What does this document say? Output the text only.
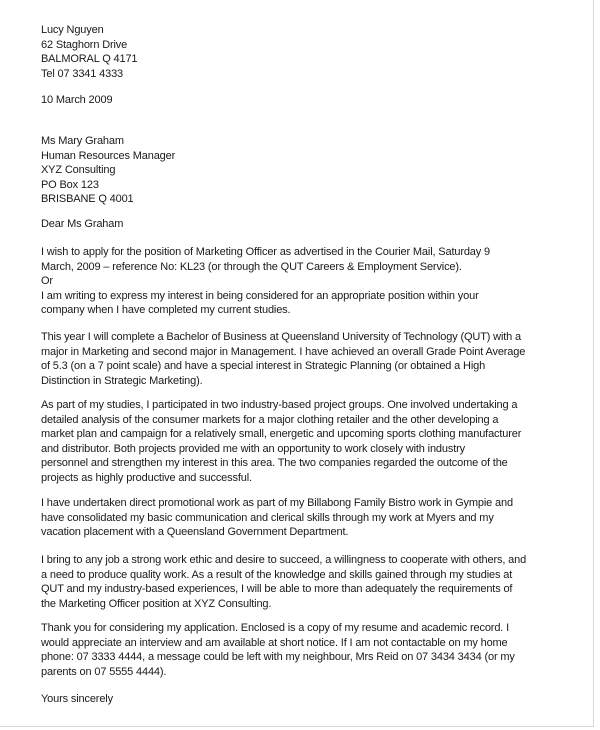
Lucy Nguyen
62 Staghorn Drive
BALMORAL Q 4171
Tel 07 3341 4333
10 March 2009
Ms Mary Graham
Human Resources Manager
XYZ Consulting
PO Box 123
BRISBANE Q 4001
Dear Ms Graham
I wish to apply for the position of Marketing Officer as advertised in the Courier Mail, Saturday 9
March, 2009 – reference No: KL23 (or through the QUT Careers & Employment Service).
Or
I am writing to express my interest in being considered for an appropriate position within your
company when I have completed my current studies.
This year I will complete a Bachelor of Business at Queensland University of Technology (QUT) with a
major in Marketing and second major in Management. I have achieved an overall Grade Point Average
of 5.3 (on a 7 point scale) and have a special interest in Strategic Planning (or obtained a High
Distinction in Strategic Marketing).
As part of my studies, I participated in two industry-based project groups. One involved undertaking a
detailed analysis of the consumer markets for a major clothing retailer and the other developing a
market plan and campaign for a relatively small, energetic and upcoming sports clothing manufacturer
and distributor. Both projects provided me with an opportunity to work closely with industry
personnel and strengthen my interest in this area. The two companies regarded the outcome of the
projects as highly productive and successful.
I have undertaken direct promotional work as part of my Billabong Family Bistro work in Gympie and
have consolidated my basic communication and clerical skills through my work at Myers and my
vacation placement with a Queensland Government Department.
I bring to any job a strong work ethic and desire to succeed, a willingness to cooperate with others, and
a need to produce quality work. As a result of the knowledge and skills gained through my studies at
QUT and my industry-based experiences, I will be able to more than adequately the requirements of
the Marketing Officer position at XYZ Consulting.
Thank you for considering my application. Enclosed is a copy of my resume and academic record. I
would appreciate an interview and am available at short notice. If I am not contactable on my home
phone: 07 3333 4444, a message could be left with my neighbour, Mrs Reid on 07 3434 3434 (or my
parents on 07 5555 4444).
Yours sincerely
